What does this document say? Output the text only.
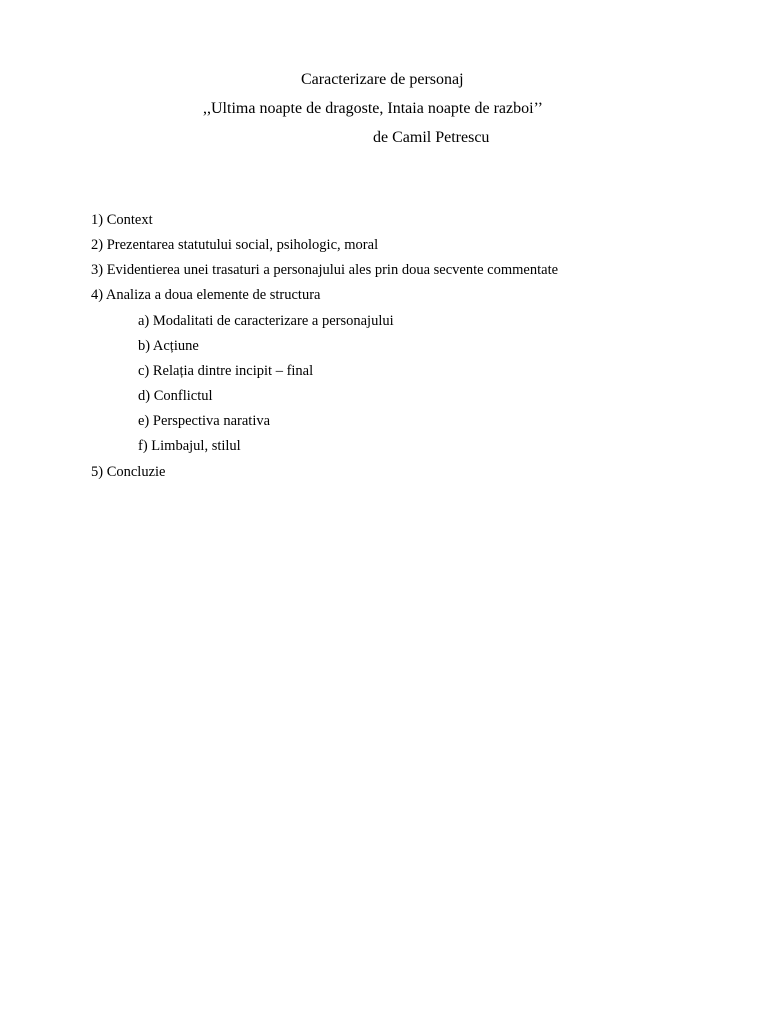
Caracterizare de personaj
,,Ultima noapte de dragoste, Intaia noapte de razboi’’
de Camil Petrescu
1) Context
2) Prezentarea statutului social, psihologic, moral
3) Evidentierea unei trasaturi a personajului ales prin doua secvente commentate
4) Analiza a doua elemente de structura
a) Modalitati de caracterizare a personajului
b) Acțiune
c) Relația dintre incipit – final
d) Conflictul
e) Perspectiva narativa
f) Limbajul, stilul
5) Concluzie
